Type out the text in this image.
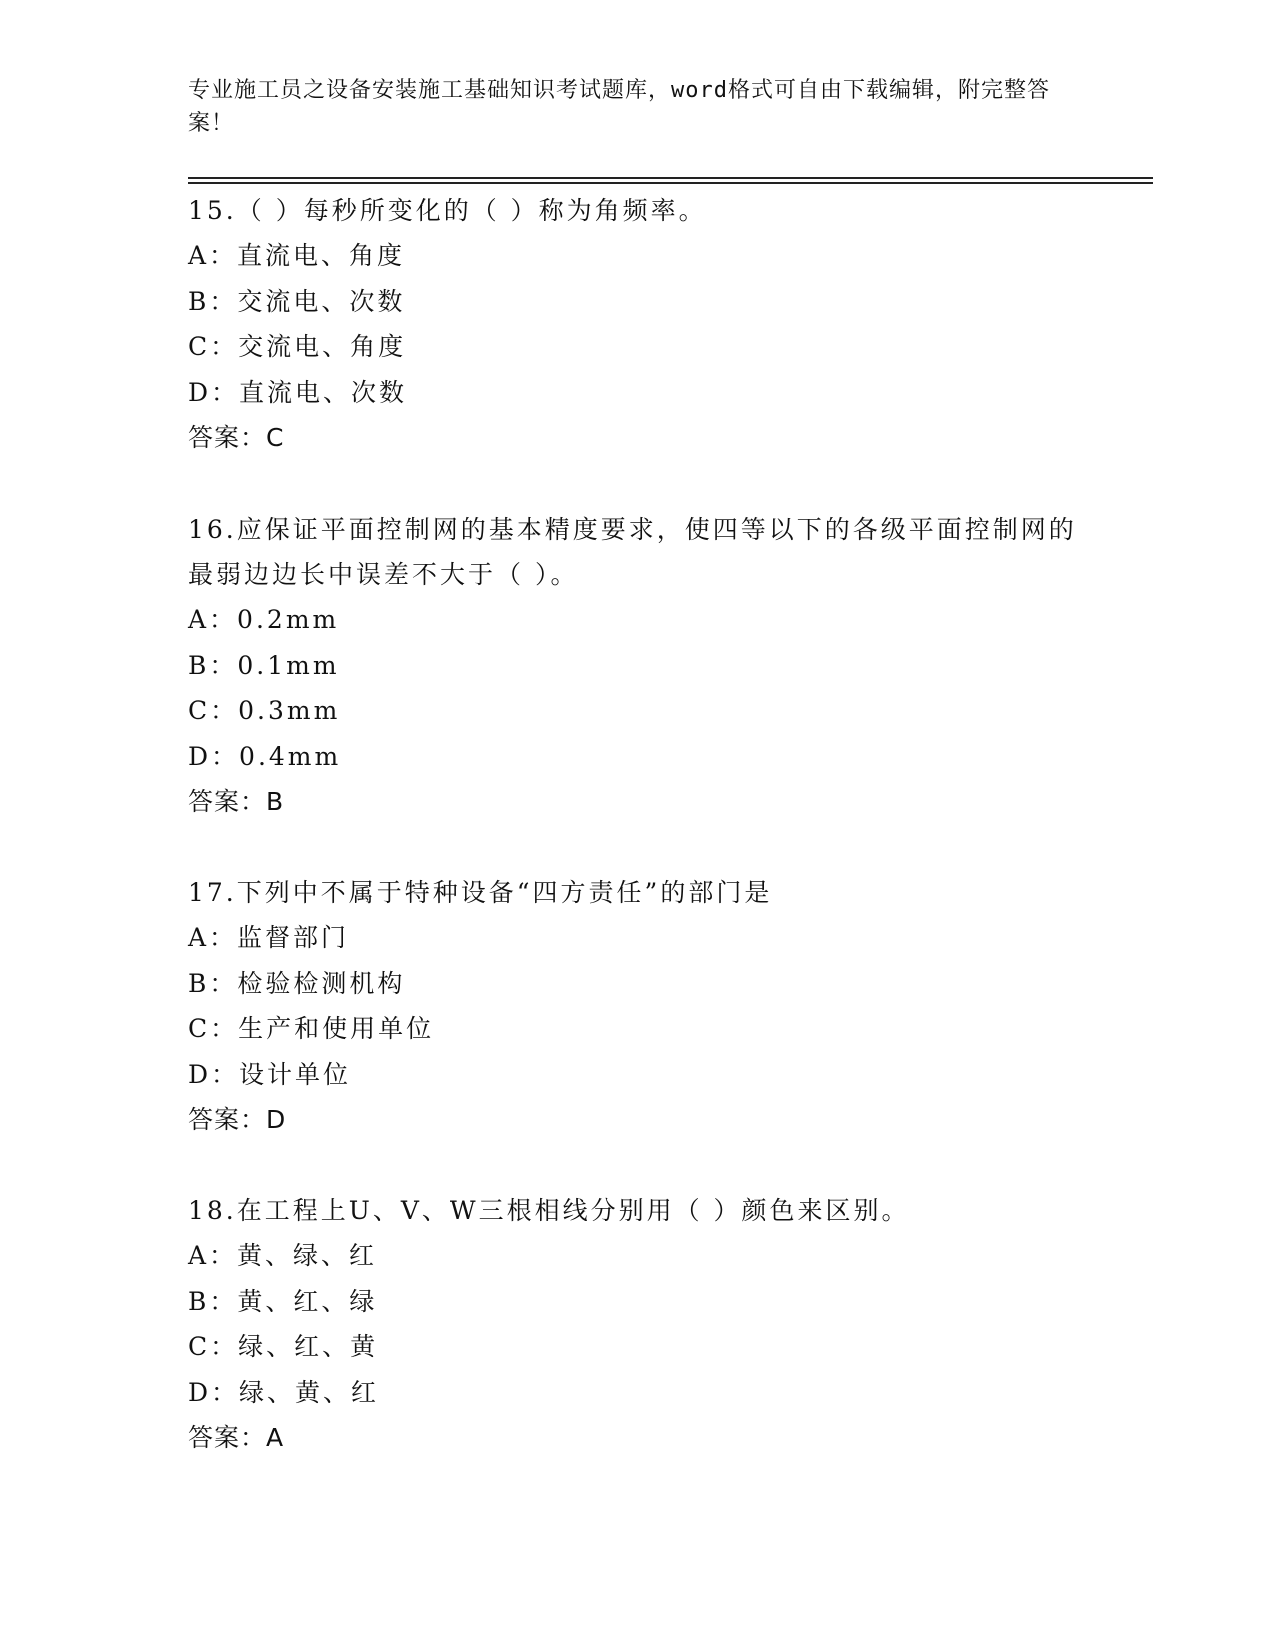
专业施工员之设备安装施工基础知识考试题库，word格式可自由下载编辑，附完整答案！
15.（ ）每秒所变化的（ ）称为角频率。
A：直流电、角度
B：交流电、次数
C：交流电、角度
D：直流电、次数
答案：C
16.应保证平面控制网的基本精度要求，使四等以下的各级平面控制网的最弱边边长中误差不大于（ ）。
A：0.2mm
B：0.1mm
C：0.3mm
D：0.4mm
答案：B
17.下列中不属于特种设备“四方责任”的部门是
A：监督部门
B：检验检测机构
C：生产和使用单位
D：设计单位
答案：D
18.在工程上U、V、W三根相线分别用（ ）颜色来区别。
A：黄、绿、红
B：黄、红、绿
C：绿、红、黄
D：绿、黄、红
答案：A
